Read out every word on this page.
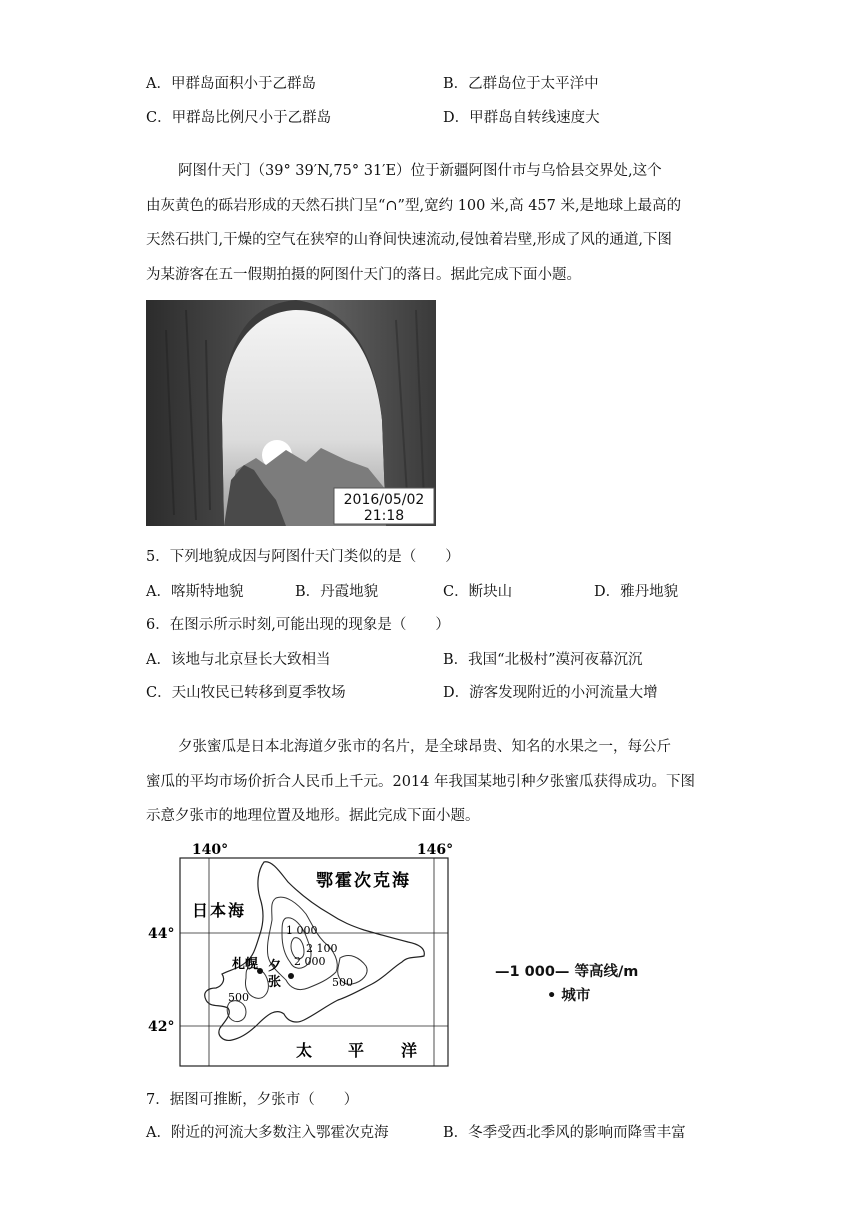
A．甲群岛面积小于乙群岛	B．乙群岛位于太平洋中
C．甲群岛比例尺小于乙群岛	D．甲群岛自转线速度大

阿图什天门（39° 39′N,75° 31′E）位于新疆阿图什市与乌恰县交界处,这个

由灰黄色的砾岩形成的天然石拱门呈“∩”型,宽约 100 米,高 457 米,是地球上最高的

天然石拱门,干燥的空气在狭窄的山脊间快速流动,侵蚀着岩壁,形成了风的通道,下图

为某游客在五一假期拍摄的阿图什天门的落日。据此完成下面小题。

2016/05/02
21:18
5．下列地貌成因与阿图什天门类似的是（　　）
A．喀斯特地貌	B．丹霞地貌	C．断块山	D．雅丹地貌
6．在图示所示时刻,可能出现的现象是（　　）
A．该地与北京昼长大致相当	B．我国“北极村”漠河夜幕沉沉
C．天山牧民已转移到夏季牧场	D．游客发现附近的小河流量大增

夕张蜜瓜是日本北海道夕张市的名片，是全球昂贵、知名的水果之一，每公斤

蜜瓜的平均市场价折合人民币上千元。2014 年我国某地引种夕张蜜瓜获得成功。下图

示意夕张市的地理位置及地形。据此完成下面小题。

140°	146°
44°
42°
鄂霍次克海
日本海
太 平 洋
札幌 夕
张
1 000
2 100
2 000
500
500
—1 000— 等高线/m
• 城市
7．据图可推断，夕张市（　　）
A．附近的河流大多数注入鄂霍次克海	B．冬季受西北季风的影响而降雪丰富
